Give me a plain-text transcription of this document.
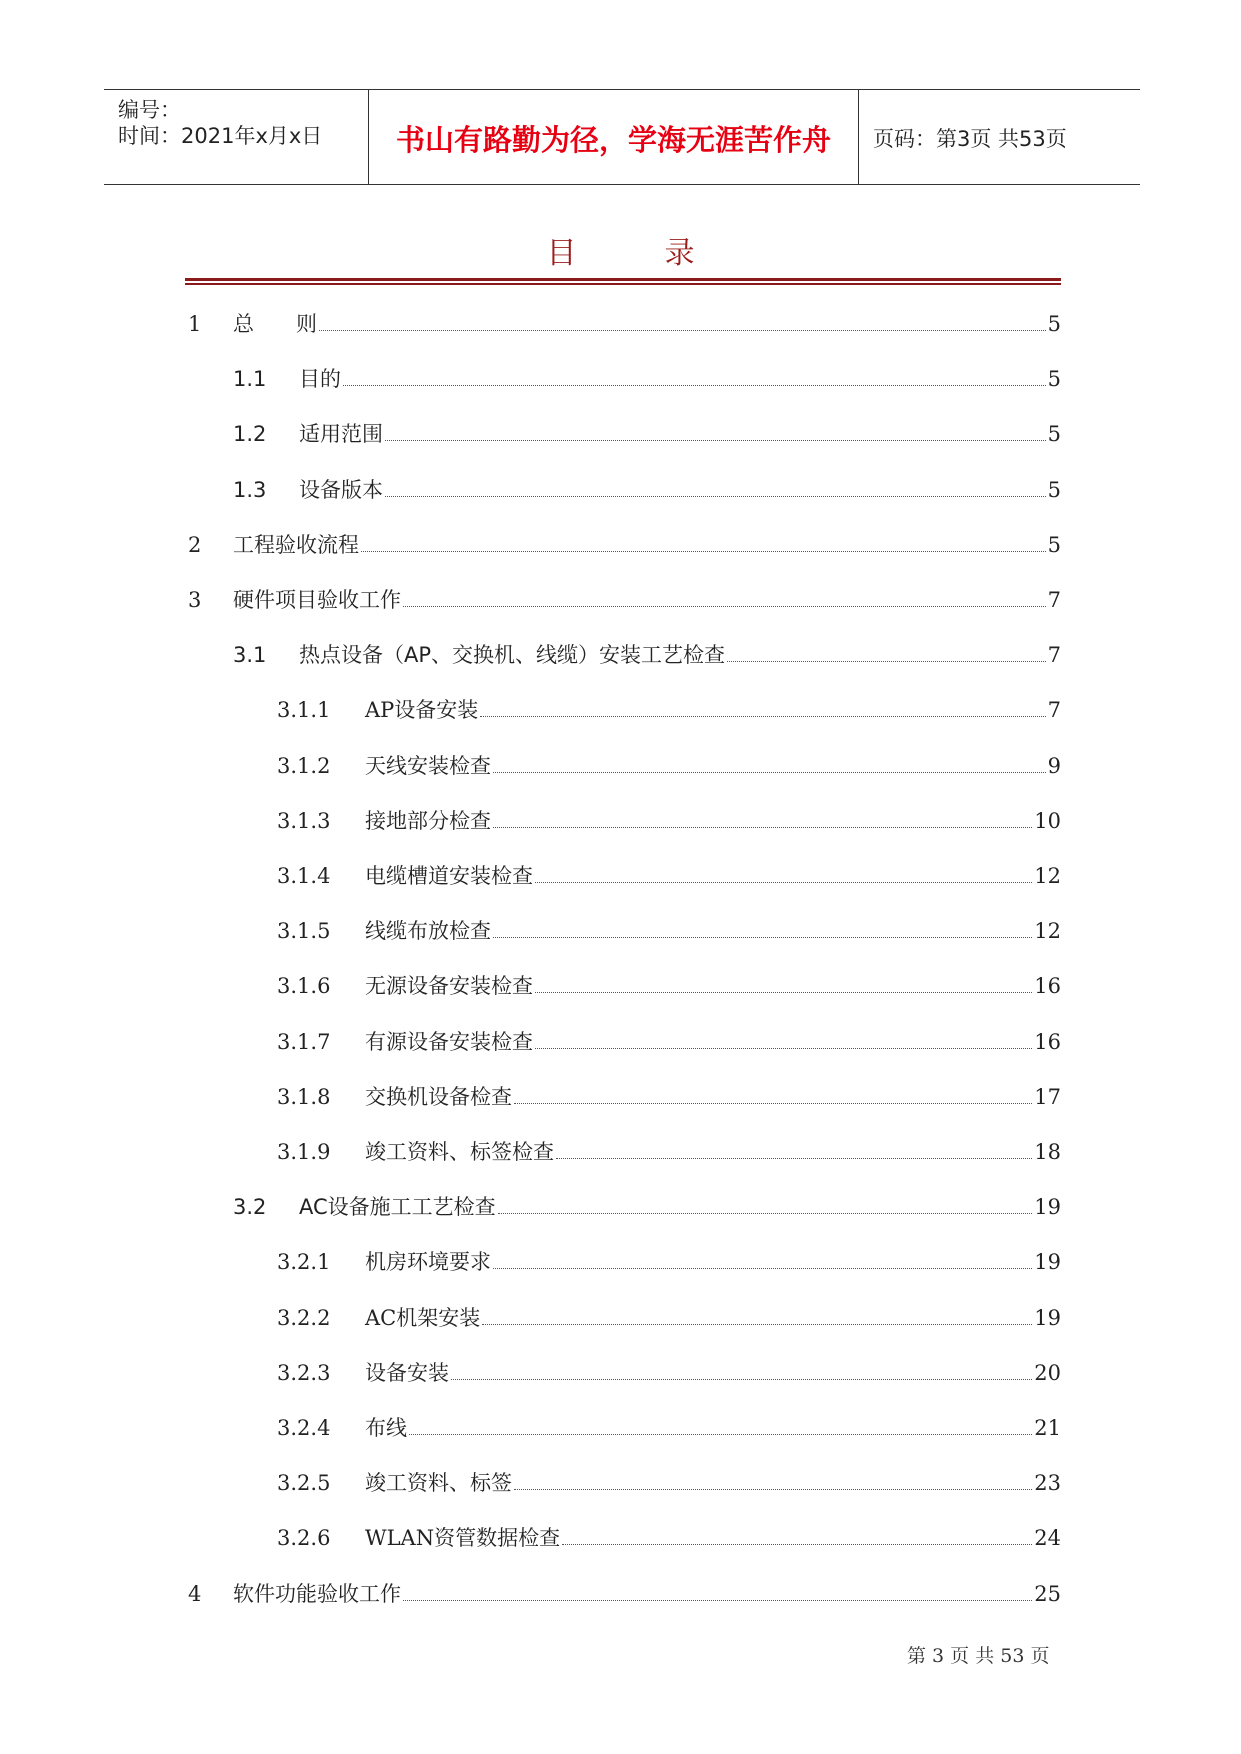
编号：
时间：2021年x月x日	书山有路勤为径，学海无涯苦作舟	页码：第3页 共53页
目	录
1	总　　则	5
1.1	目的	5
1.2	适用范围	5
1.3	设备版本	5
2	工程验收流程	5
3	硬件项目验收工作	7
3.1	热点设备（AP、交换机、线缆）安装工艺检查	7
3.1.1	AP设备安装	7
3.1.2	天线安装检查	9
3.1.3	接地部分检查	10
3.1.4	电缆槽道安装检查	12
3.1.5	线缆布放检查	12
3.1.6	无源设备安装检查	16
3.1.7	有源设备安装检查	16
3.1.8	交换机设备检查	17
3.1.9	竣工资料、标签检查	18
3.2	AC设备施工工艺检查	19
3.2.1	机房环境要求	19
3.2.2	AC机架安装	19
3.2.3	设备安装	20
3.2.4	布线	21
3.2.5	竣工资料、标签	23
3.2.6	WLAN资管数据检查	24
4	软件功能验收工作	25
第 3 页 共 53 页
